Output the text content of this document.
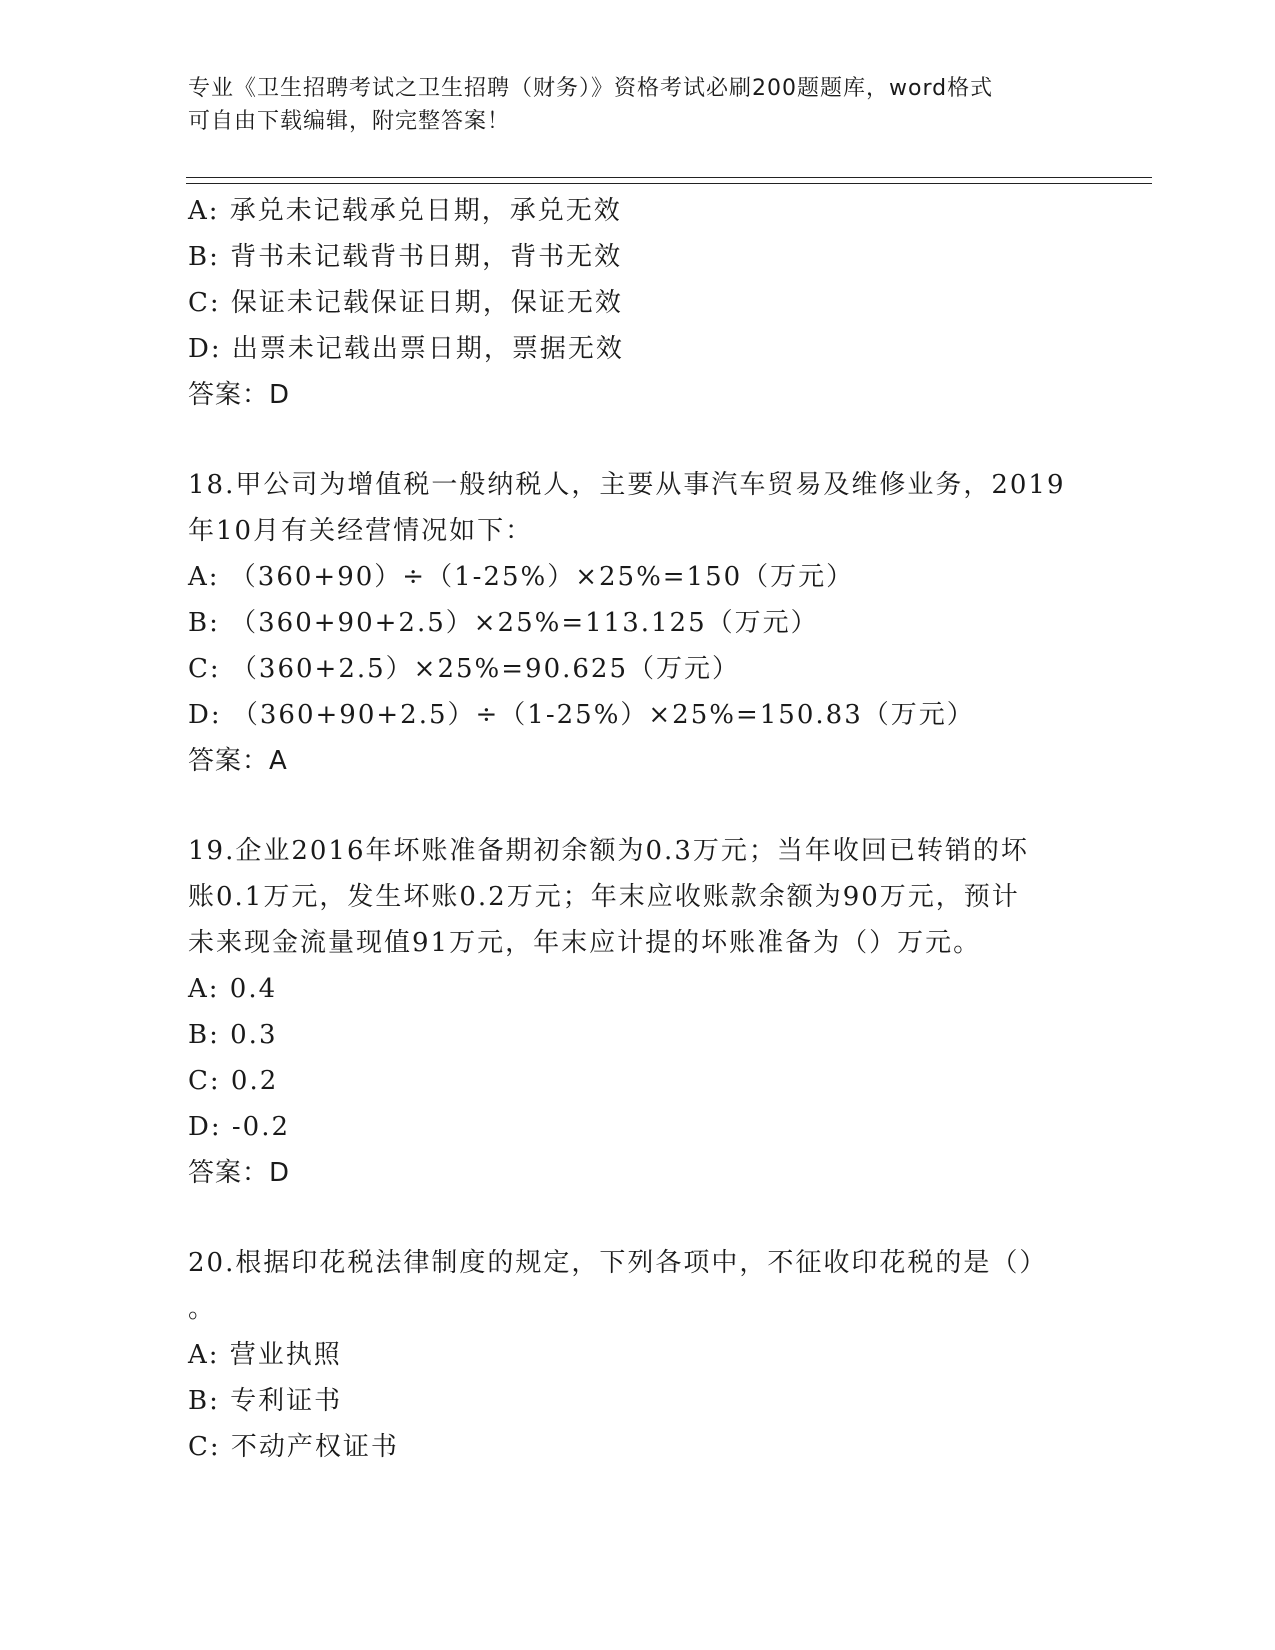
专业《卫生招聘考试之卫生招聘（财务）》资格考试必刷200题题库，word格式
可自由下载编辑，附完整答案！
A: 承兑未记载承兑日期，承兑无效
B: 背书未记载背书日期，背书无效
C: 保证未记载保证日期，保证无效
D: 出票未记载出票日期，票据无效
答案：D
18.甲公司为增值税一般纳税人，主要从事汽车贸易及维修业务，2019
年10月有关经营情况如下：
A: （360+90）÷（1-25%）×25%=150（万元）
B: （360+90+2.5）×25%=113.125（万元）
C: （360+2.5）×25%=90.625（万元）
D: （360+90+2.5）÷（1-25%）×25%=150.83（万元）
答案：A
19.企业2016年坏账准备期初余额为0.3万元；当年收回已转销的坏
账0.1万元，发生坏账0.2万元；年末应收账款余额为90万元，预计
未来现金流量现值91万元，年末应计提的坏账准备为（）万元。
A: 0.4
B: 0.3
C: 0.2
D: -0.2
答案：D
20.根据印花税法律制度的规定，下列各项中，不征收印花税的是（）
。
A: 营业执照
B: 专利证书
C: 不动产权证书
